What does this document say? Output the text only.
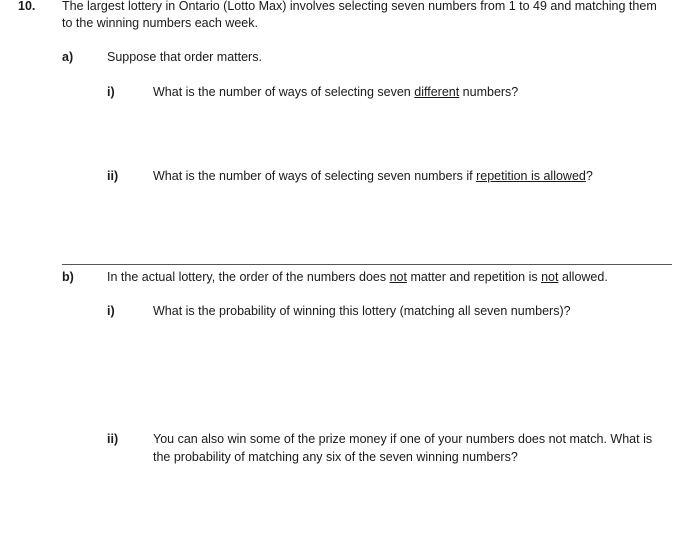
10. The largest lottery in Ontario (Lotto Max) involves selecting seven numbers from 1 to 49 and matching them
to the winning numbers each week.
a)	Suppose that order matters.
i)	What is the number of ways of selecting seven different numbers?
ii)	What is the number of ways of selecting seven numbers if repetition is allowed?
b)	In the actual lottery, the order of the numbers does not matter and repetition is not allowed.
i)	What is the probability of winning this lottery (matching all seven numbers)?
ii)	You can also win some of the prize money if one of your numbers does not match. What is
the probability of matching any six of the seven winning numbers?
